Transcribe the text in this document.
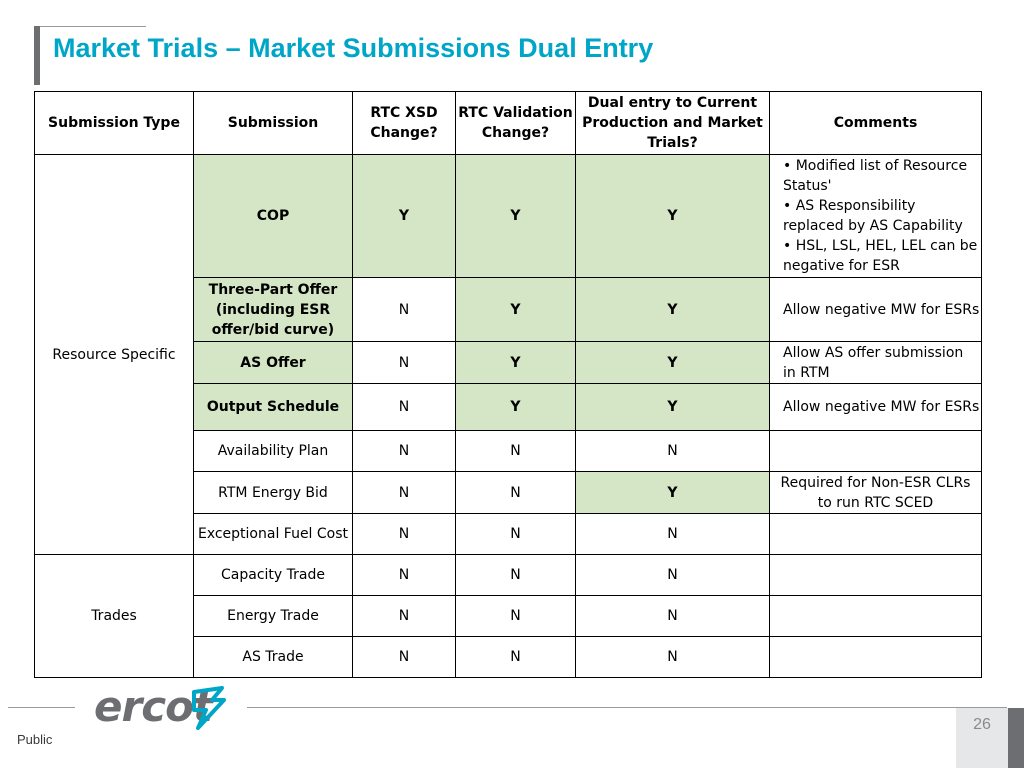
Market Trials – Market Submissions Dual Entry
Submission Type	Submission	RTC XSD Change?	RTC Validation Change?	Dual entry to Current Production and Market Trials?	Comments
Resource Specific	COP	Y	Y	Y	• Modified list of Resource Status'
• AS Responsibility replaced by AS Capability
• HSL, LSL, HEL, LEL can be negative for ESR

	Three-Part Offer (including ESR offer/bid curve)	N	Y	Y	Allow negative MW for ESRs
	AS Offer	N	Y	Y	Allow AS offer submission in RTM
	Output Schedule	N	Y	Y	Allow negative MW for ESRs
	Availability Plan	N	N	N	
	RTM Energy Bid	N	N	Y	Required for Non-ESR CLRs to run RTC SCED
	Exceptional Fuel Cost	N	N	N	
Trades	Capacity Trade	N	N	N	
	Energy Trade	N	N	N	
	AS Trade	N	N	N	
ercot
Public
26
